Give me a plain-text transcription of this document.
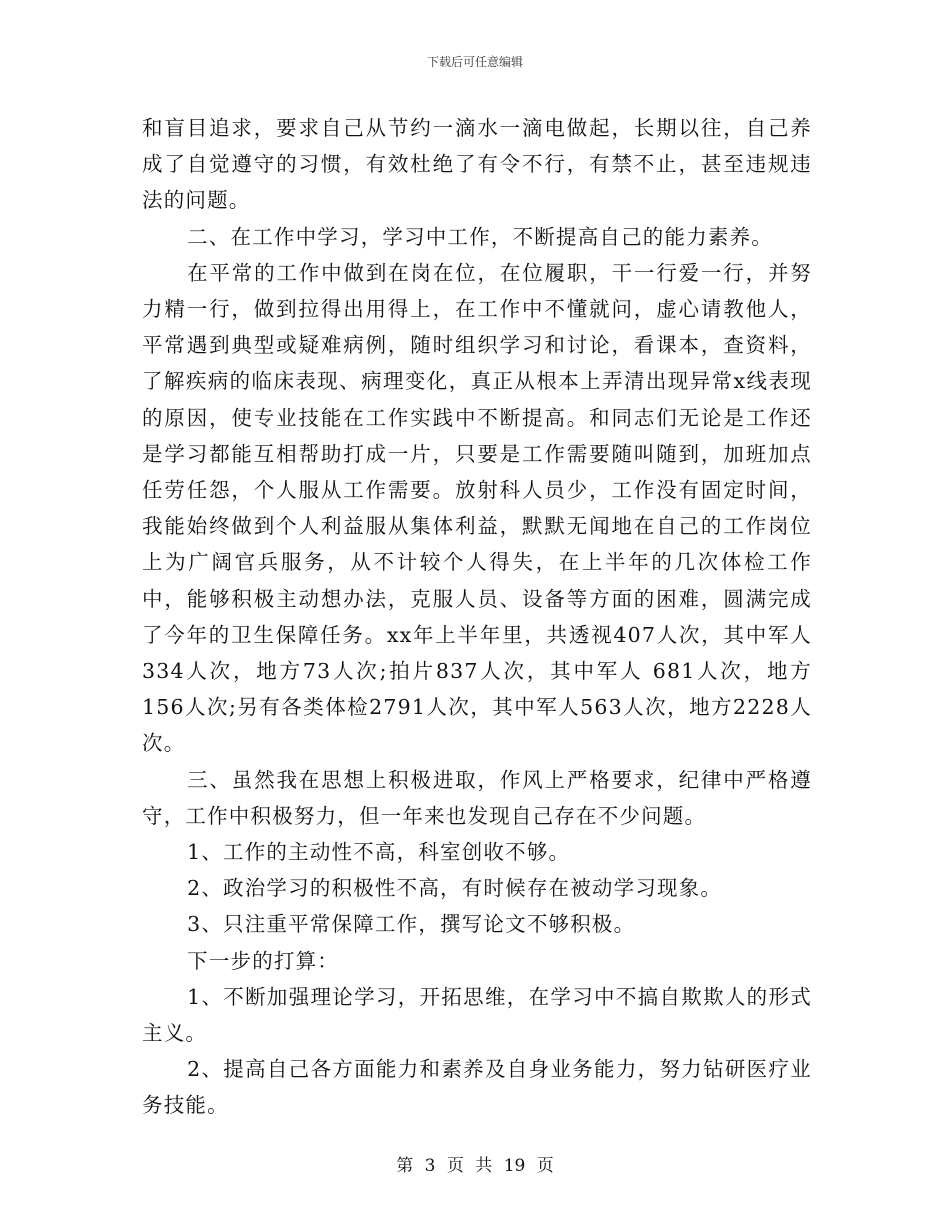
下载后可任意编辑

和盲目追求，要求自己从节约一滴水一滴电做起，长期以往，自己养成了自觉遵守的习惯，有效杜绝了有令不行，有禁不止，甚至违规违法的问题。

二、在工作中学习，学习中工作，不断提高自己的能力素养。

在平常的工作中做到在岗在位，在位履职，干一行爱一行，并努力精一行，做到拉得出用得上，在工作中不懂就问，虚心请教他人，平常遇到典型或疑难病例，随时组织学习和讨论，看课本，查资料，了解疾病的临床表现、病理变化，真正从根本上弄清出现异常x线表现的原因，使专业技能在工作实践中不断提高。和同志们无论是工作还是学习都能互相帮助打成一片，只要是工作需要随叫随到，加班加点任劳任怨，个人服从工作需要。放射科人员少，工作没有固定时间，我能始终做到个人利益服从集体利益，默默无闻地在自己的工作岗位上为广阔官兵服务，从不计较个人得失，在上半年的几次体检工作中，能够积极主动想办法，克服人员、设备等方面的困难，圆满完成了今年的卫生保障任务。xx年上半年里，共透视407人次，其中军人334人次，地方73人次;拍片837人次，其中军人 681人次，地方156人次;另有各类体检2791人次，其中军人563人次，地方2228人次。

三、虽然我在思想上积极进取，作风上严格要求，纪律中严格遵守，工作中积极努力，但一年来也发现自己存在不少问题。

1、工作的主动性不高，科室创收不够。

2、政治学习的积极性不高，有时候存在被动学习现象。

3、只注重平常保障工作，撰写论文不够积极。

下一步的打算：

1、不断加强理论学习，开拓思维，在学习中不搞自欺欺人的形式主义。

2、提高自己各方面能力和素养及自身业务能力，努力钻研医疗业务技能。

第 3 页 共 19 页
